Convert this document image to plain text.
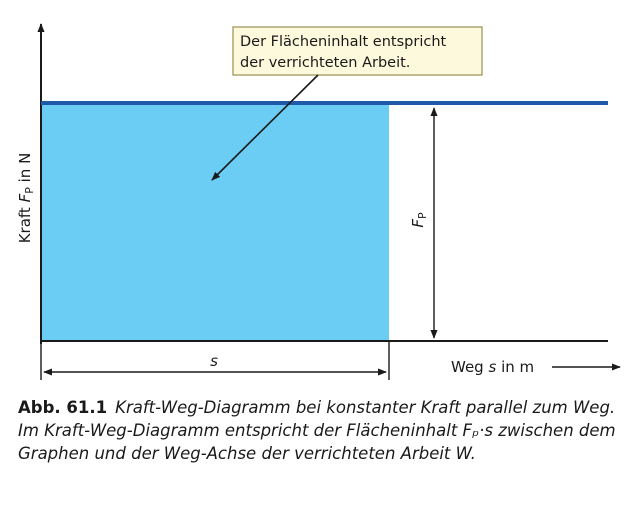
Kraft $F_P$ in N
$F_P$
s	Weg s in m
Der Flächeninhalt entspricht
der verrichteten Arbeit.
Abb. 61.1 Kraft-Weg-Diagramm bei konstanter Kraft parallel zum Weg. Im Kraft-Weg-Diagramm entspricht der Flächeninhalt Fₚ·s zwischen dem Graphen und der Weg-Achse der verrichteten Arbeit W.
